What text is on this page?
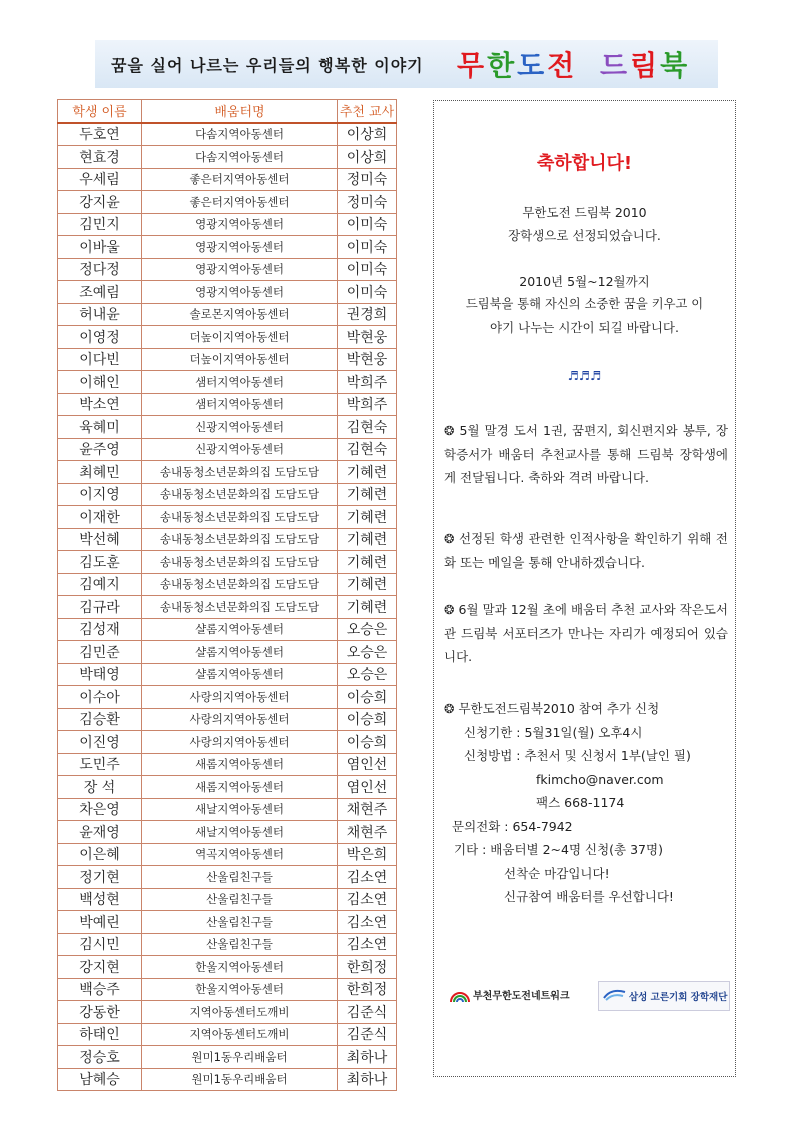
꿈을 실어 나르는 우리들의 행복한 이야기 무한도전 드림북
학생 이름	배움터명	추천 교사
두호연	다솜지역아동센터	이상희
현효경	다솜지역아동센터	이상희
우세림	좋은터지역아동센터	정미숙
강지윤	좋은터지역아동센터	정미숙
김민지	영광지역아동센터	이미숙
이바울	영광지역아동센터	이미숙
정다정	영광지역아동센터	이미숙
조예림	영광지역아동센터	이미숙
허내윤	솔로몬지역아동센터	권경희
이영정	더높이지역아동센터	박현웅
이다빈	더높이지역아동센터	박현웅
이해인	샘터지역아동센터	박희주
박소연	샘터지역아동센터	박희주
육혜미	신광지역아동센터	김현숙
윤주영	신광지역아동센터	김현숙
최혜민	송내동청소년문화의집 도담도담	기혜련
이지영	송내동청소년문화의집 도담도담	기혜련
이재한	송내동청소년문화의집 도담도담	기혜련
박선혜	송내동청소년문화의집 도담도담	기혜련
김도훈	송내동청소년문화의집 도담도담	기혜련
김예지	송내동청소년문화의집 도담도담	기혜련
김규라	송내동청소년문화의집 도담도담	기혜련
김성재	샬롬지역아동센터	오승은
김민준	샬롬지역아동센터	오승은
박태영	샬롬지역아동센터	오승은
이수아	사랑의지역아동센터	이승희
김승환	사랑의지역아동센터	이승희
이진영	사랑의지역아동센터	이승희
도민주	새롬지역아동센터	염인선
장 석	새롬지역아동센터	염인선
차은영	새날지역아동센터	채현주
윤재영	새날지역아동센터	채현주
이은혜	역곡지역아동센터	박은희
정기현	산울림친구들	김소연
백성현	산울림친구들	김소연
박예린	산울림친구들	김소연
김시민	산울림친구들	김소연
강지현	한울지역아동센터	한희정
백승주	한울지역아동센터	한희정
강동한	지역아동센터도깨비	김준식
하태인	지역아동센터도깨비	김준식
정승호	원미1동우리배움터	최하나
남혜승	원미1동우리배움터	최하나
축하합니다!
무한도전 드림북 2010
장학생으로 선정되었습니다.
2010년 5월~12월까지
드림북을 통해 자신의 소중한 꿈을 키우고 이
야기 나누는 시간이 되길 바랍니다.
♬♬♬
❂ 5월 말경 도서 1권, 꿈편지, 회신편지와 봉투, 장학증서가 배움터 추천교사를 통해 드림북 장학생에게 전달됩니다. 축하와 격려 바랍니다.
❂ 선정된 학생 관련한 인적사항을 확인하기 위해 전화 또는 메일을 통해 안내하겠습니다.
❂ 6월 말과 12월 초에 배움터 추천 교사와 작은도서관 드림북 서포터즈가 만나는 자리가 예정되어 있습니다.
❂ 무한도전드림북2010 참여 추가 신청
신청기한 : 5월31일(월) 오후4시
신청방법 : 추천서 및 신청서 1부(날인 필)
fkimcho@naver.com
팩스 668-1174
문의전화 : 654-7942
기타 : 배움터별 2~4명 신청(총 37명)
선착순 마감입니다!
신규참여 배움터를 우선합니다!
부천무한도전네트워크	삼성 고른기회 장학재단
